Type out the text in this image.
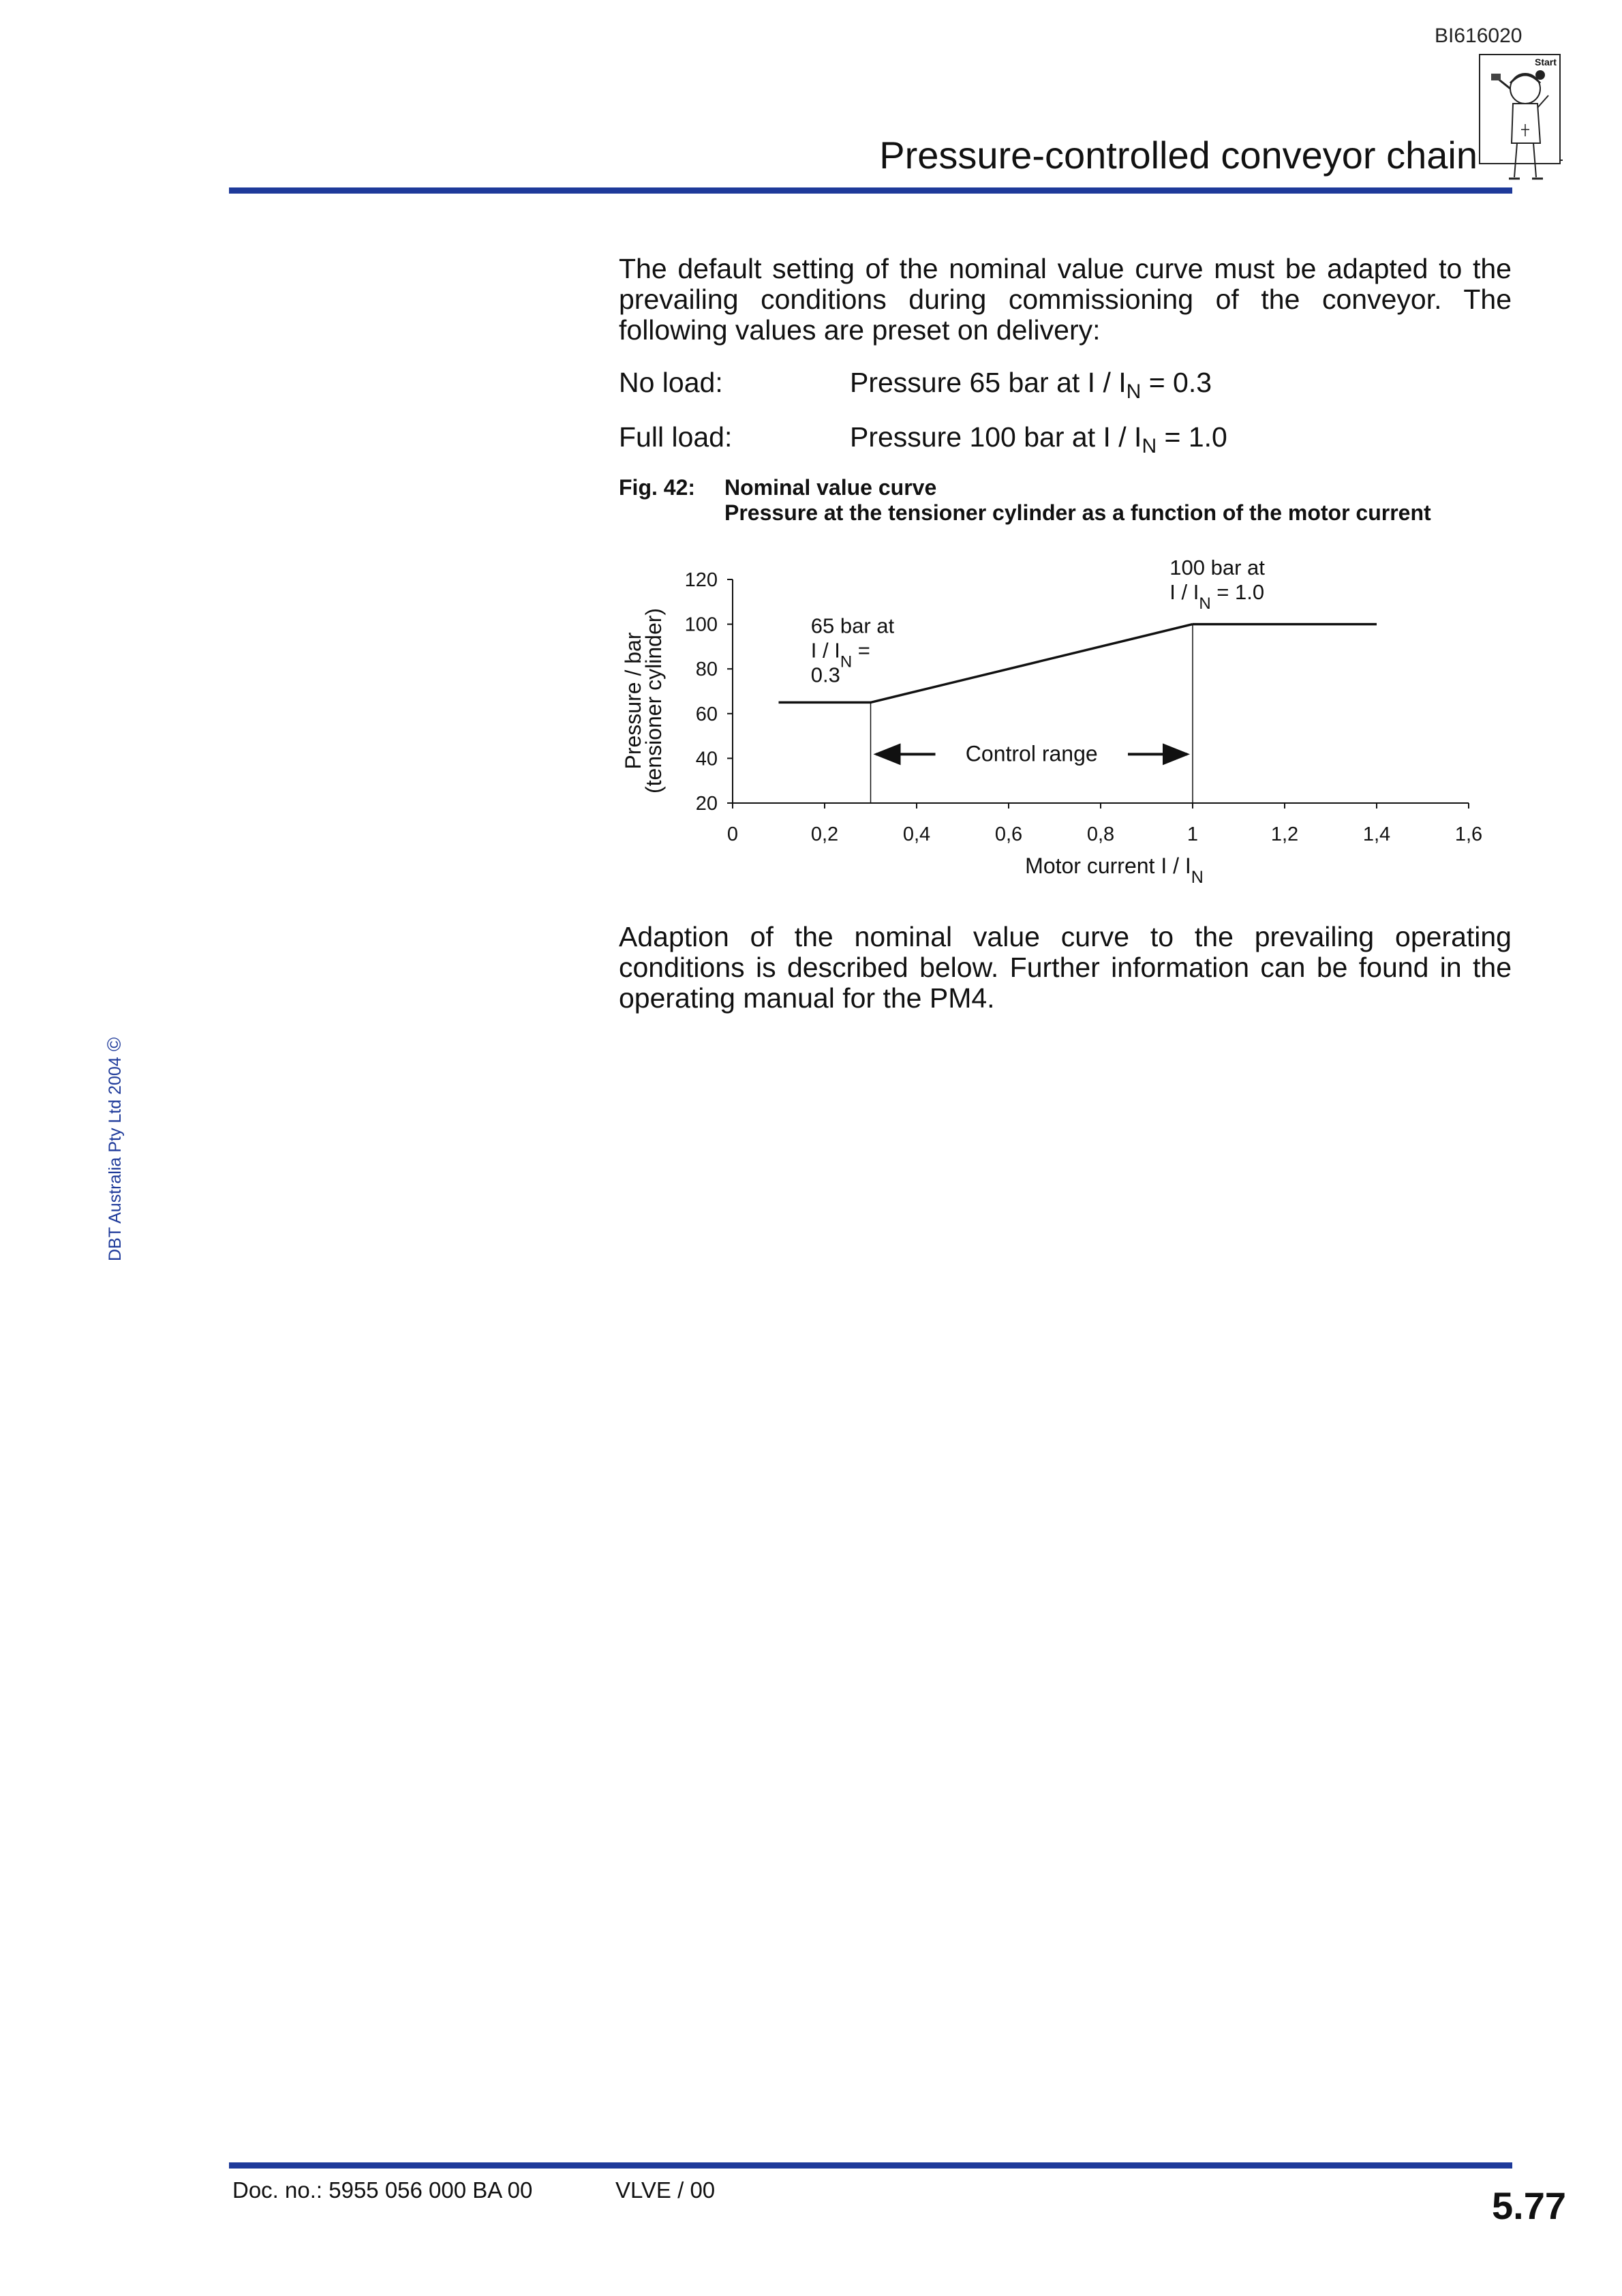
BI616020
Start
Pressure-controlled conveyor chain
DBT Australia Pty Ltd 2004©
The default setting of the nominal value curve must be adapted to the prevailing conditions during commissioning of the conveyor. The following values are preset on delivery:
No load:	Pressure 65 bar at $I / I_N = 0.3$
Full load:	Pressure 100 bar at $I / I_N = 1.0$
Fig. 42: Nominal value curve
Pressure at the tensioner cylinder as a function of the motor current
20
40
60
80
100
120
0	0,2	0,4	0,6	0,8	1	1,2	1,4	1,6
Motor current I / $I_N$
Pressure / bar
(tensioner cylinder)	65 bar at
I / $I_N$ =
0.3
100 bar at
$I / I_N = 1.0$
Control range
Adaption of the nominal value curve to the prevailing operating conditions is described below. Further information can be found in the operating manual for the PM4.
Doc. no.: 5955 056 000 BA 00	VLVE / 00	5.77
